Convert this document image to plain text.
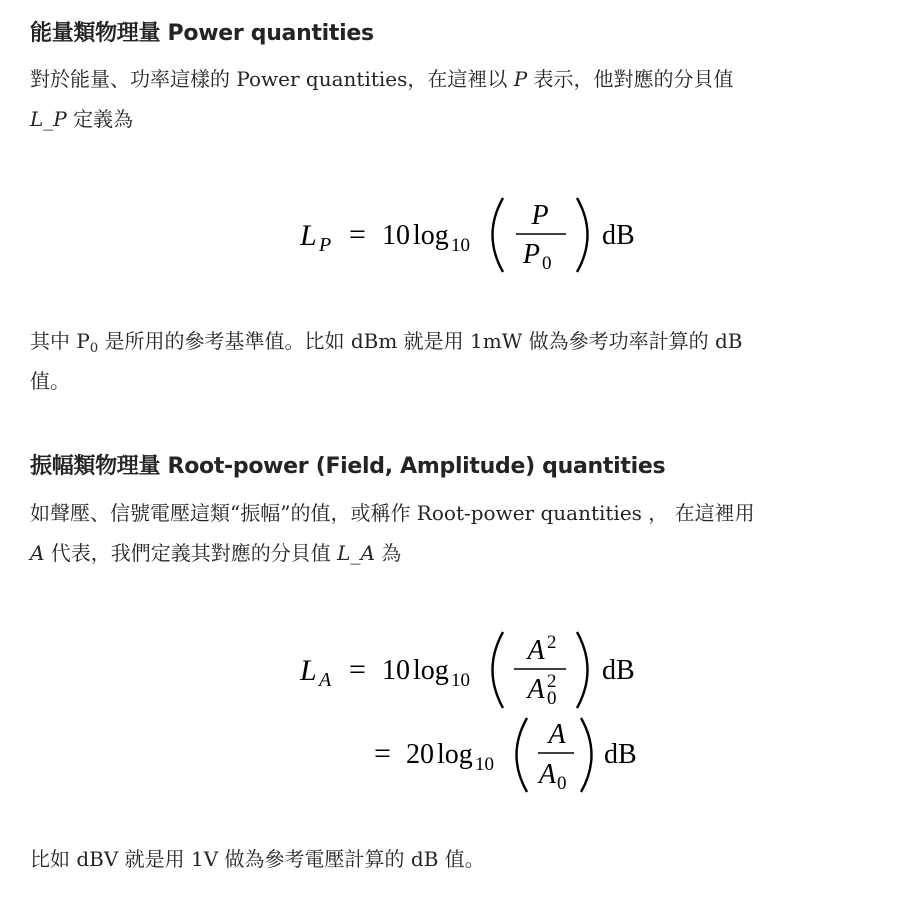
能量類物理量 Power quantities
對於能量、功率這樣的 Power quantities，在這裡以 P 表示，他對應的分貝值
L_P 定義為
L P = 10 log 10
P
P 0
dB
其中 $P_0$ 是所用的參考基準值。比如 dBm 就是用 1mW 做為參考功率計算的 dB
值。
振幅類物理量 Root-power (Field, Amplitude) quantities
如聲壓、信號電壓這類“振幅”的值，或稱作 Root-power quantities ， 在這裡用
A 代表，我們定義其對應的分貝值 L_A 為
L A = 10 log 10
A 2
A 2
0
dB
= 20 log 10
A
A 0
dB
比如 dBV 就是用 1V 做為參考電壓計算的 dB 值。
